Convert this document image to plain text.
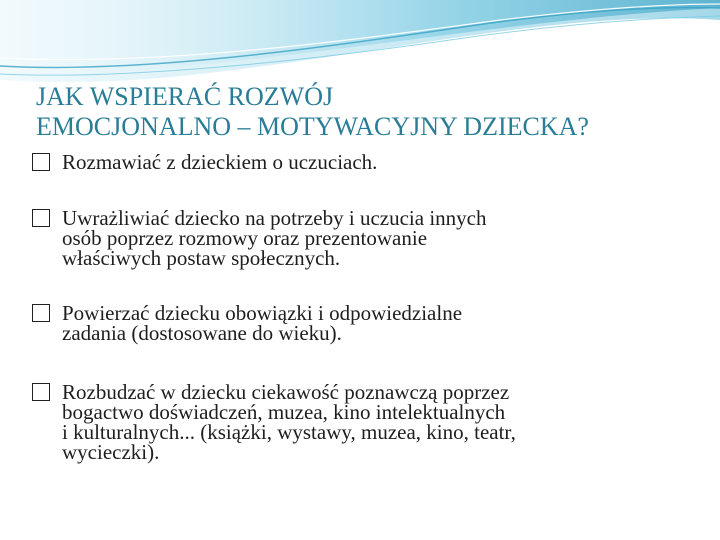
JAK WSPIERAĆ ROZWÓJ
EMOCJONALNO – MOTYWACYJNY DZIECKA?
Rozmawiać z dzieckiem o uczuciach.
Uwrażliwiać dziecko na potrzeby i uczucia innych
osób poprzez rozmowy oraz prezentowanie
właściwych postaw społecznych.
Powierzać dziecku obowiązki i odpowiedzialne
zadania (dostosowane do wieku).
Rozbudzać w dziecku ciekawość poznawczą poprzez
bogactwo doświadczeń, muzea, kino intelektualnych
i kulturalnych... (książki, wystawy, muzea, kino, teatr,
wycieczki).
